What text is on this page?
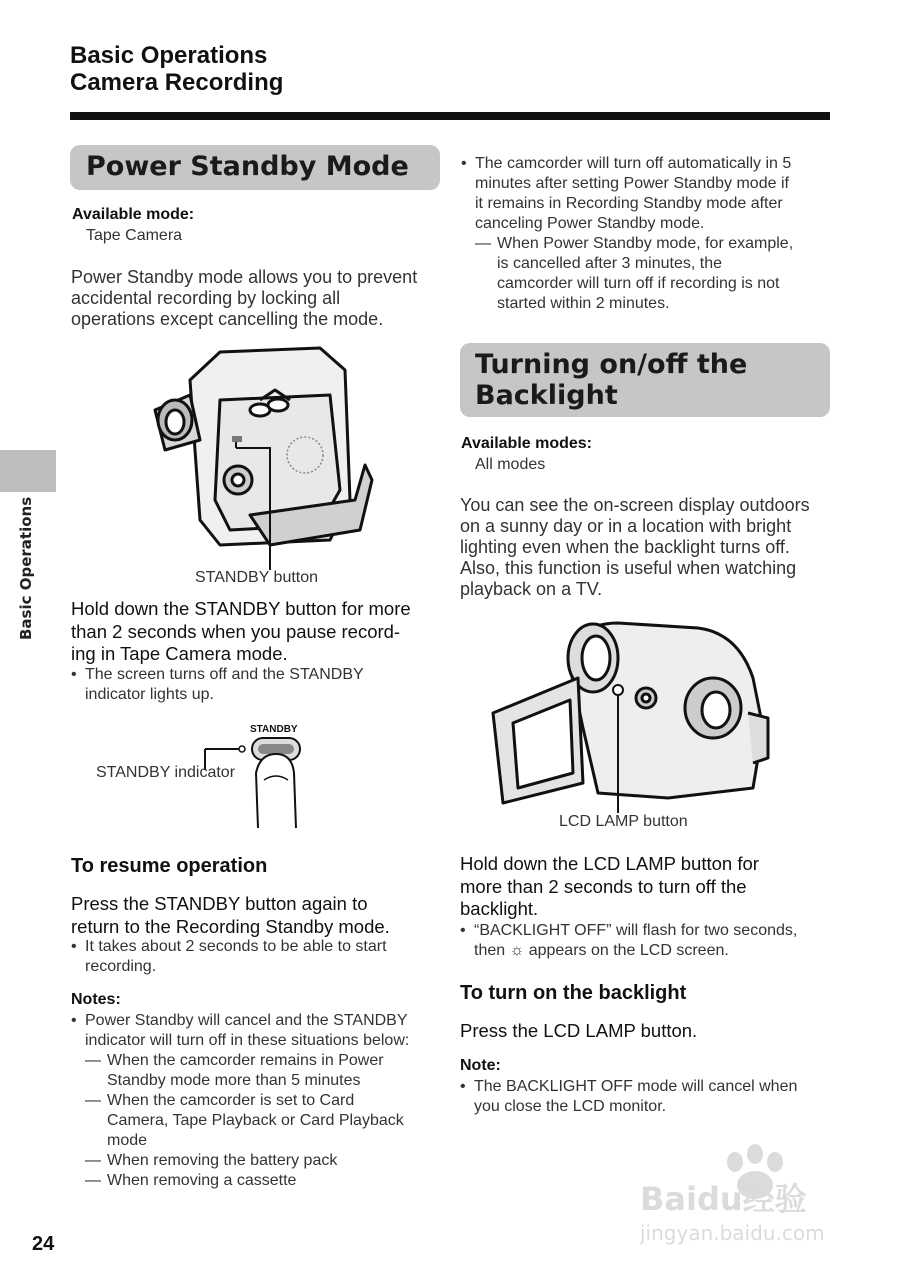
Basic Operations
Camera Recording
Basic Operations
Power Standby Mode
Available mode:
Tape Camera
Power Standby mode allows you to prevent
accidental recording by locking all
operations except cancelling the mode.
STANDBY button
Hold down the STANDBY button for more
than 2 seconds when you pause record-
ing in Tape Camera mode.
• The screen turns off and the STANDBY
indicator lights up.
STANDBY
STANDBY indicator
To resume operation
Press the STANDBY button again to
return to the Recording Standby mode.
• It takes about 2 seconds to be able to start
recording.
Notes:
• Power Standby will cancel and the STANDBY
indicator will turn off in these situations below:
— When the camcorder remains in Power
Standby mode more than 5 minutes
— When the camcorder is set to Card
Camera, Tape Playback or Card Playback
mode
— When removing the battery pack
— When removing a cassette
• The camcorder will turn off automatically in 5
minutes after setting Power Standby mode if
it remains in Recording Standby mode after
canceling Power Standby mode.
— When Power Standby mode, for example,
is cancelled after 3 minutes, the
camcorder will turn off if recording is not
started within 2 minutes.
Turning on/off the
Backlight
Available modes:
All modes
You can see the on-screen display outdoors
on a sunny day or in a location with bright
lighting even when the backlight turns off.
Also, this function is useful when watching
playback on a TV.
LCD LAMP button
Hold down the LCD LAMP button for
more than 2 seconds to turn off the
backlight.
• “BACKLIGHT OFF” will flash for two seconds,
then ☼ appears on the LCD screen.
To turn on the backlight
Press the LCD LAMP button.
Note:
• The BACKLIGHT OFF mode will cancel when
you close the LCD monitor.
24
Baidu经验
jingyan.baidu.com
